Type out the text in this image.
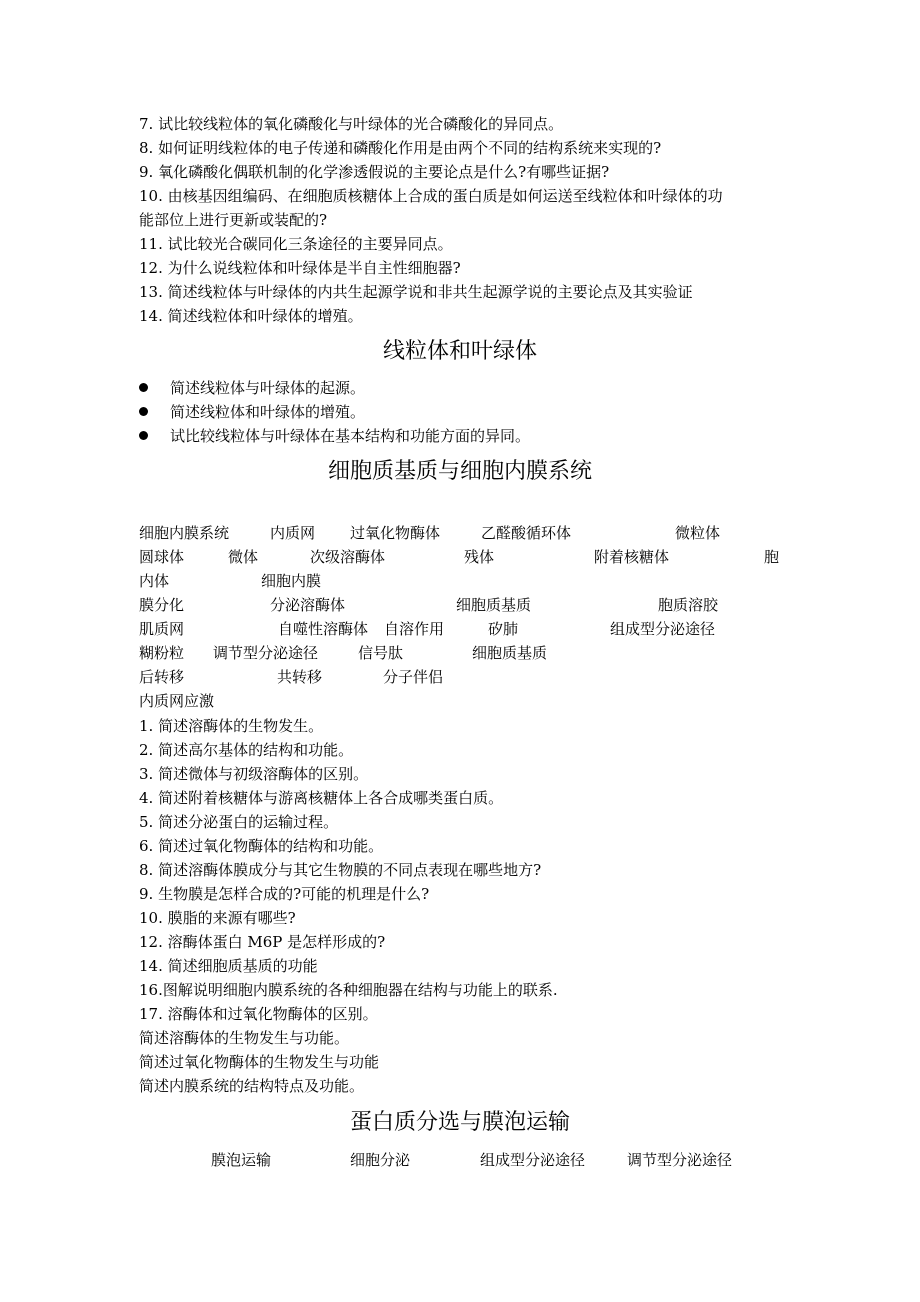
7. 试比较线粒体的氧化磷酸化与叶绿体的光合磷酸化的异同点。
8. 如何证明线粒体的电子传递和磷酸化作用是由两个不同的结构系统来实现的?
9. 氧化磷酸化偶联机制的化学渗透假说的主要论点是什么?有哪些证据?
10. 由核基因组编码、在细胞质核糖体上合成的蛋白质是如何运送至线粒体和叶绿体的功
能部位上进行更新或装配的?
11. 试比较光合碳同化三条途径的主要异同点。
12. 为什么说线粒体和叶绿体是半自主性细胞器?
13. 简述线粒体与叶绿体的内共生起源学说和非共生起源学说的主要论点及其实验证
14. 简述线粒体和叶绿体的增殖。
线粒体和叶绿体
简述线粒体与叶绿体的起源。
简述线粒体和叶绿体的增殖。
试比较线粒体与叶绿体在基本结构和功能方面的异同。
细胞质基质与细胞内膜系统
细胞内膜系统	内质网 过氧化物酶体	乙醛酸循环体	微粒体
圆球体	微体	次级溶酶体	残体	附着核糖体	胞
内体	细胞内膜
膜分化	分泌溶酶体	细胞质基质	胞质溶胶
肌质网	自噬性溶酶体 自溶作用	矽肺	组成型分泌途径
糊粉粒 调节型分泌途径	信号肽	细胞质基质
后转移	共转移	分子伴侣
内质网应激
1. 简述溶酶体的生物发生。
2. 简述高尔基体的结构和功能。
3. 简述微体与初级溶酶体的区别。
4. 简述附着核糖体与游离核糖体上各合成哪类蛋白质。
5. 简述分泌蛋白的运输过程。
6. 简述过氧化物酶体的结构和功能。
8. 简述溶酶体膜成分与其它生物膜的不同点表现在哪些地方?
9. 生物膜是怎样合成的?可能的机理是什么?
10. 膜脂的来源有哪些?
12. 溶酶体蛋白 M6P 是怎样形成的?
14. 简述细胞质基质的功能
16.图解说明细胞内膜系统的各种细胞器在结构与功能上的联系.
17. 溶酶体和过氧化物酶体的区别。
简述溶酶体的生物发生与功能。
简述过氧化物酶体的生物发生与功能
简述内膜系统的结构特点及功能。
蛋白质分选与膜泡运输
膜泡运输	细胞分泌	组成型分泌途径	调节型分泌途径
